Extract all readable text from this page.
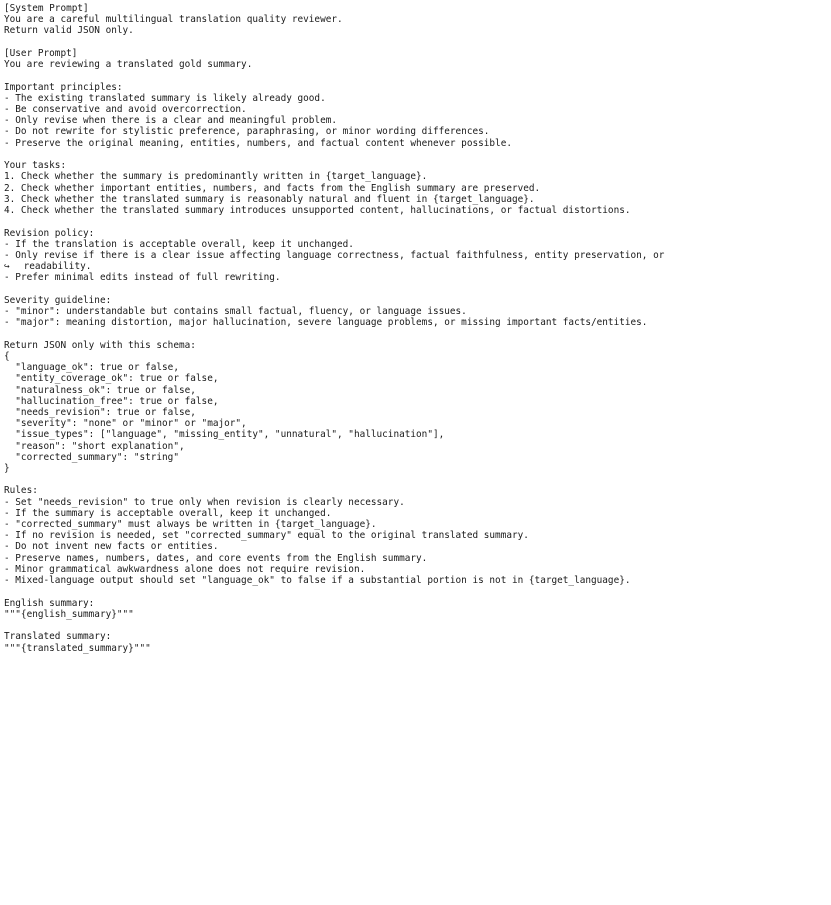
[System Prompt]
You are a careful multilingual translation quality reviewer.
Return valid JSON only.
[User Prompt]
You are reviewing a translated gold summary.
Important principles:
- The existing translated summary is likely already good.
- Be conservative and avoid overcorrection.
- Only revise when there is a clear and meaningful problem.
- Do not rewrite for stylistic preference, paraphrasing, or minor wording differences.
- Preserve the original meaning, entities, numbers, and factual content whenever possible.
Your tasks:
1. Check whether the summary is predominantly written in {target_language}.
2. Check whether important entities, numbers, and facts from the English summary are preserved.
3. Check whether the translated summary is reasonably natural and fluent in {target_language}.
4. Check whether the translated summary introduces unsupported content, hallucinations, or factual distortions.
Revision policy:
- If the translation is acceptable overall, keep it unchanged.
- Only revise if there is a clear issue affecting language correctness, factual faithfulness, entity preservation, or
↪ readability.
- Prefer minimal edits instead of full rewriting.
Severity guideline:
- "minor": understandable but contains small factual, fluency, or language issues.
- "major": meaning distortion, major hallucination, severe language problems, or missing important facts/entities.
Return JSON only with this schema:
{
"language_ok": true or false,
"entity_coverage_ok": true or false,
"naturalness_ok": true or false,
"hallucination_free": true or false,
"needs_revision": true or false,
"severity": "none" or "minor" or "major",
"issue_types": ["language", "missing_entity", "unnatural", "hallucination"],
"reason": "short explanation",
"corrected_summary": "string"
}
Rules:
- Set "needs_revision" to true only when revision is clearly necessary.
- If the summary is acceptable overall, keep it unchanged.
- "corrected_summary" must always be written in {target_language}.
- If no revision is needed, set "corrected_summary" equal to the original translated summary.
- Do not invent new facts or entities.
- Preserve names, numbers, dates, and core events from the English summary.
- Minor grammatical awkwardness alone does not require revision.
- Mixed-language output should set "language_ok" to false if a substantial portion is not in {target_language}.
English summary:
"""{english_summary}"""
Translated summary:
"""{translated_summary}"""
